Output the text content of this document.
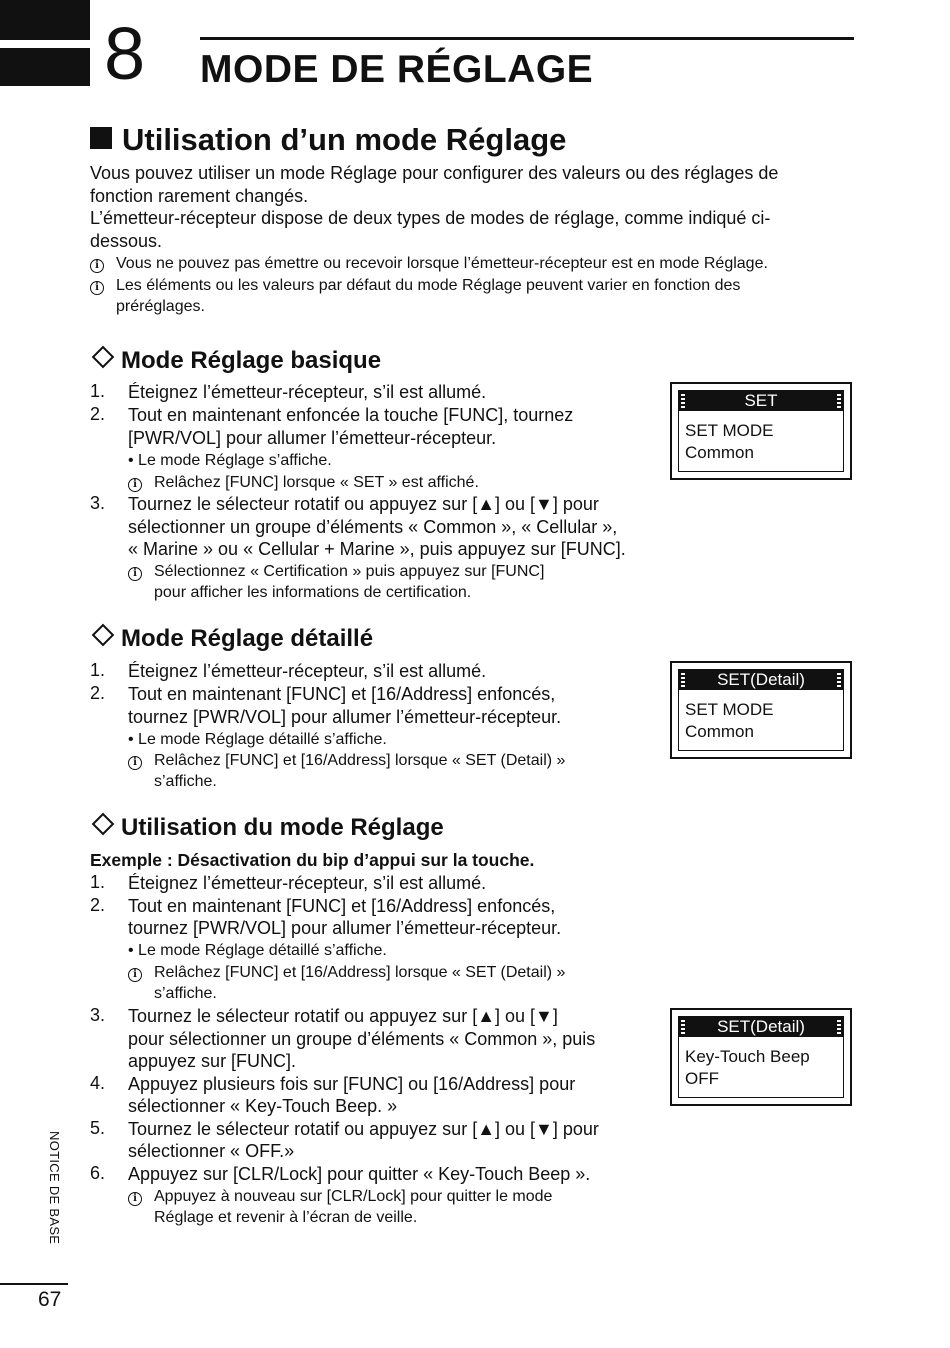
8 MODE DE RÉGLAGE
Utilisation d’un mode Réglage
Vous pouvez utiliser un mode Réglage pour configurer des valeurs ou des réglages de
fonction rarement changés.
L’émetteur-récepteur dispose de deux types de modes de réglage, comme indiqué ci-
dessous.
i	Vous ne pouvez pas émettre ou recevoir lorsque l’émetteur-récepteur est en mode Réglage.
i	Les éléments ou les valeurs par défaut du mode Réglage peuvent varier en fonction des
préréglages.
Mode Réglage basique
1. Éteignez l’émetteur-récepteur, s’il est allumé.
2. Tout en maintenant enfoncée la touche [FUNC], tournez
[PWR/VOL] pour allumer l’émetteur-récepteur.
• Le mode Réglage s’affiche.
i	Relâchez [FUNC] lorsque « SET » est affiché.
3. Tournez le sélecteur rotatif ou appuyez sur [▲] ou [▼] pour
sélectionner un groupe d’éléments « Common », « Cellular »,
« Marine » ou « Cellular + Marine », puis appuyez sur [FUNC].
i	Sélectionnez « Certification » puis appuyez sur [FUNC]
pour afficher les informations de certification.
SET
SET MODE
Common
Mode Réglage détaillé
1. Éteignez l’émetteur-récepteur, s’il est allumé.
2. Tout en maintenant [FUNC] et [16/Address] enfoncés,
tournez [PWR/VOL] pour allumer l’émetteur-récepteur.
• Le mode Réglage détaillé s’affiche.
i	Relâchez [FUNC] et [16/Address] lorsque « SET (Detail) »
s’affiche.
SET(Detail)
SET MODE
Common
Utilisation du mode Réglage
Exemple : Désactivation du bip d’appui sur la touche.
1. Éteignez l’émetteur-récepteur, s’il est allumé.
2. Tout en maintenant [FUNC] et [16/Address] enfoncés,
tournez [PWR/VOL] pour allumer l’émetteur-récepteur.
• Le mode Réglage détaillé s’affiche.
i	Relâchez [FUNC] et [16/Address] lorsque « SET (Detail) »
s’affiche.
3. Tournez le sélecteur rotatif ou appuyez sur [▲] ou [▼]
pour sélectionner un groupe d’éléments « Common », puis
appuyez sur [FUNC].
4. Appuyez plusieurs fois sur [FUNC] ou [16/Address] pour
sélectionner « Key-Touch Beep. »
5. Tournez le sélecteur rotatif ou appuyez sur [▲] ou [▼] pour
sélectionner « OFF.»
6. Appuyez sur [CLR/Lock] pour quitter « Key-Touch Beep ».
i	Appuyez à nouveau sur [CLR/Lock] pour quitter le mode
Réglage et revenir à l’écran de veille.
SET(Detail)
Key-Touch Beep
OFF
NOTICE DE BASE
67
